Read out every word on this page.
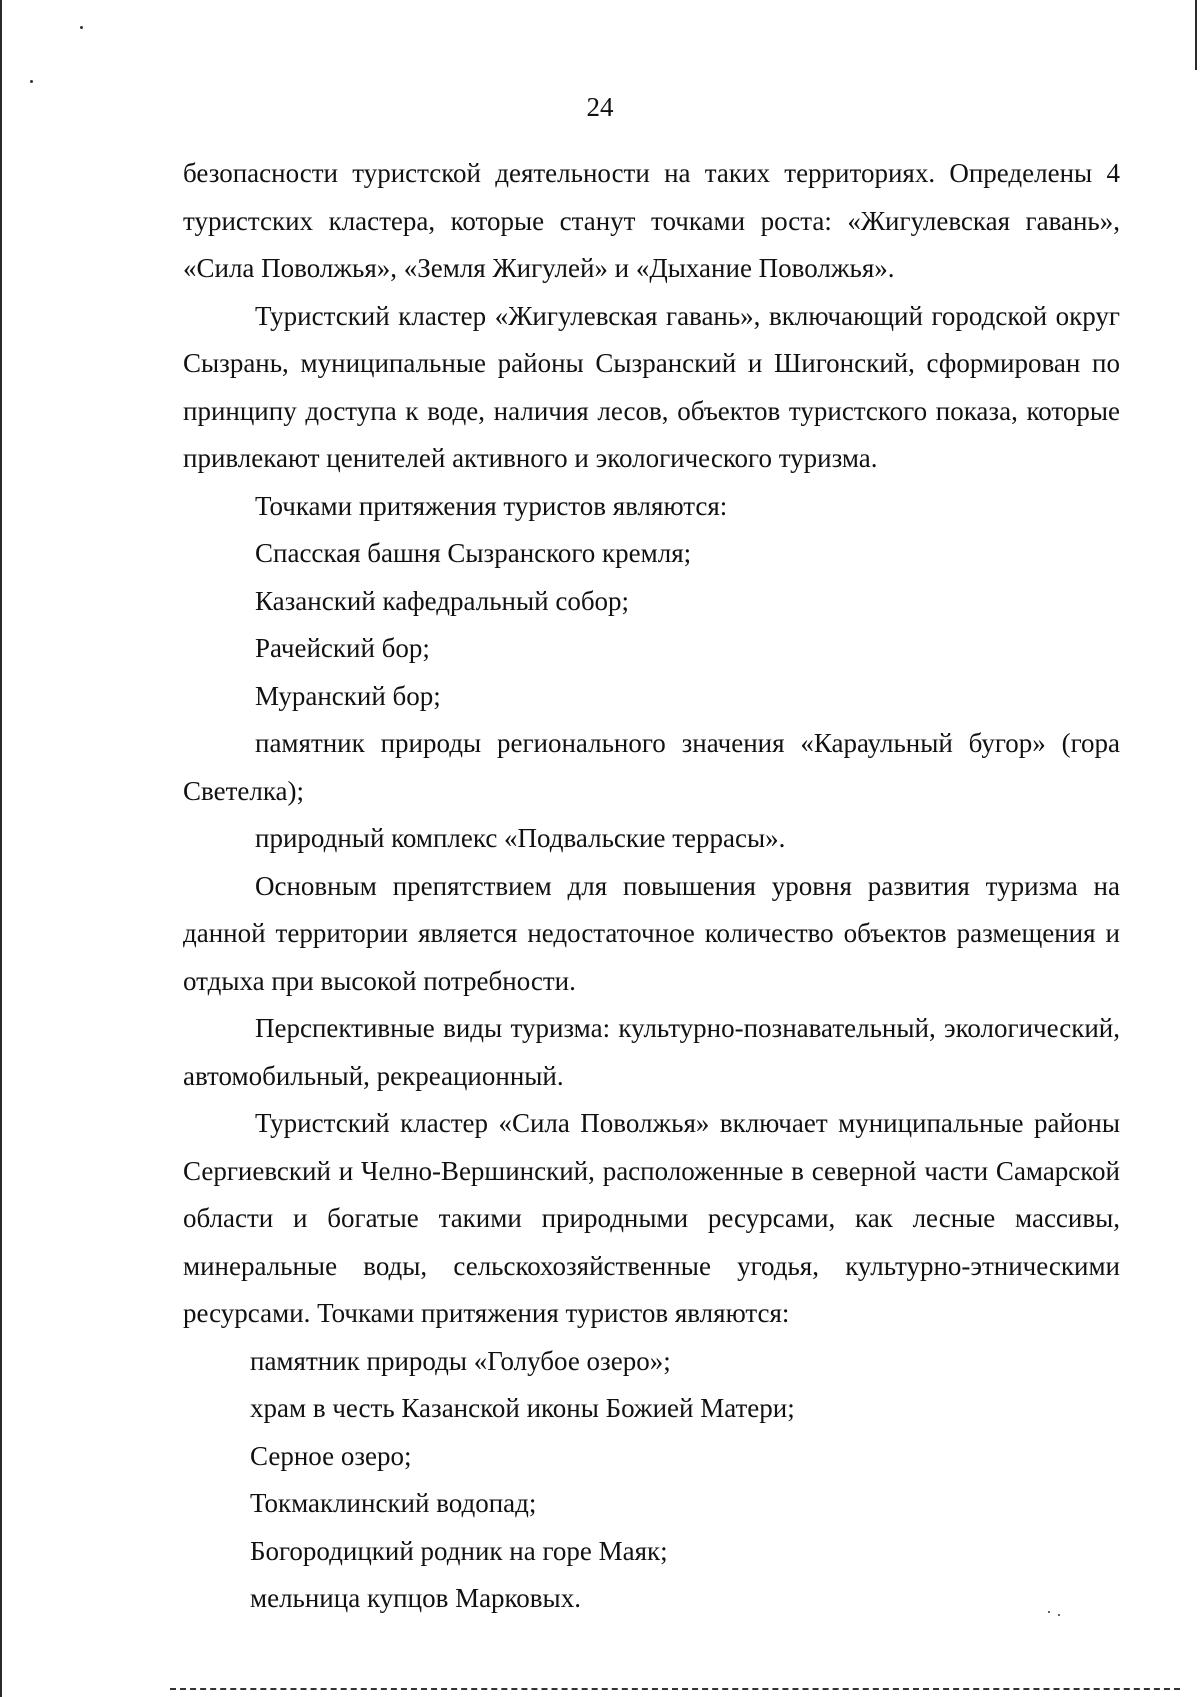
24

безопасности туристской деятельности на таких территориях. Определены 4 туристских кластера, которые станут точками роста: «Жигулевская гавань», «Сила Поволжья», «Земля Жигулей» и «Дыхание Поволжья».

Туристский кластер «Жигулевская гавань», включающий городской округ Сызрань, муниципальные районы Сызранский и Шигонский, сформирован по принципу доступа к воде, наличия лесов, объектов туристского показа, которые привлекают ценителей активного и экологического туризма.

Точками притяжения туристов являются:

Спасская башня Сызранского кремля;

Казанский кафедральный собор;

Рачейский бор;

Муранский бор;

памятник природы регионального значения «Караульный бугор» (гора Светелка);

природный комплекс «Подвальские террасы».

Основным препятствием для повышения уровня развития туризма на данной территории является недостаточное количество объектов размещения и отдыха при высокой потребности.

Перспективные виды туризма: культурно-познавательный, экологический, автомобильный, рекреационный.

Туристский кластер «Сила Поволжья» включает муниципальные районы Сергиевский и Челно-Вершинский, расположенные в северной части Самарской области и богатые такими природными ресурсами, как лесные массивы, минеральные воды, сельскохозяйственные угодья, культурно-этническими ресурсами. Точками притяжения туристов являются:

памятник природы «Голубое озеро»;

храм в честь Казанской иконы Божией Матери;

Серное озеро;

Токмаклинский водопад;

Богородицкий родник на горе Маяк;

мельница купцов Марковых.
